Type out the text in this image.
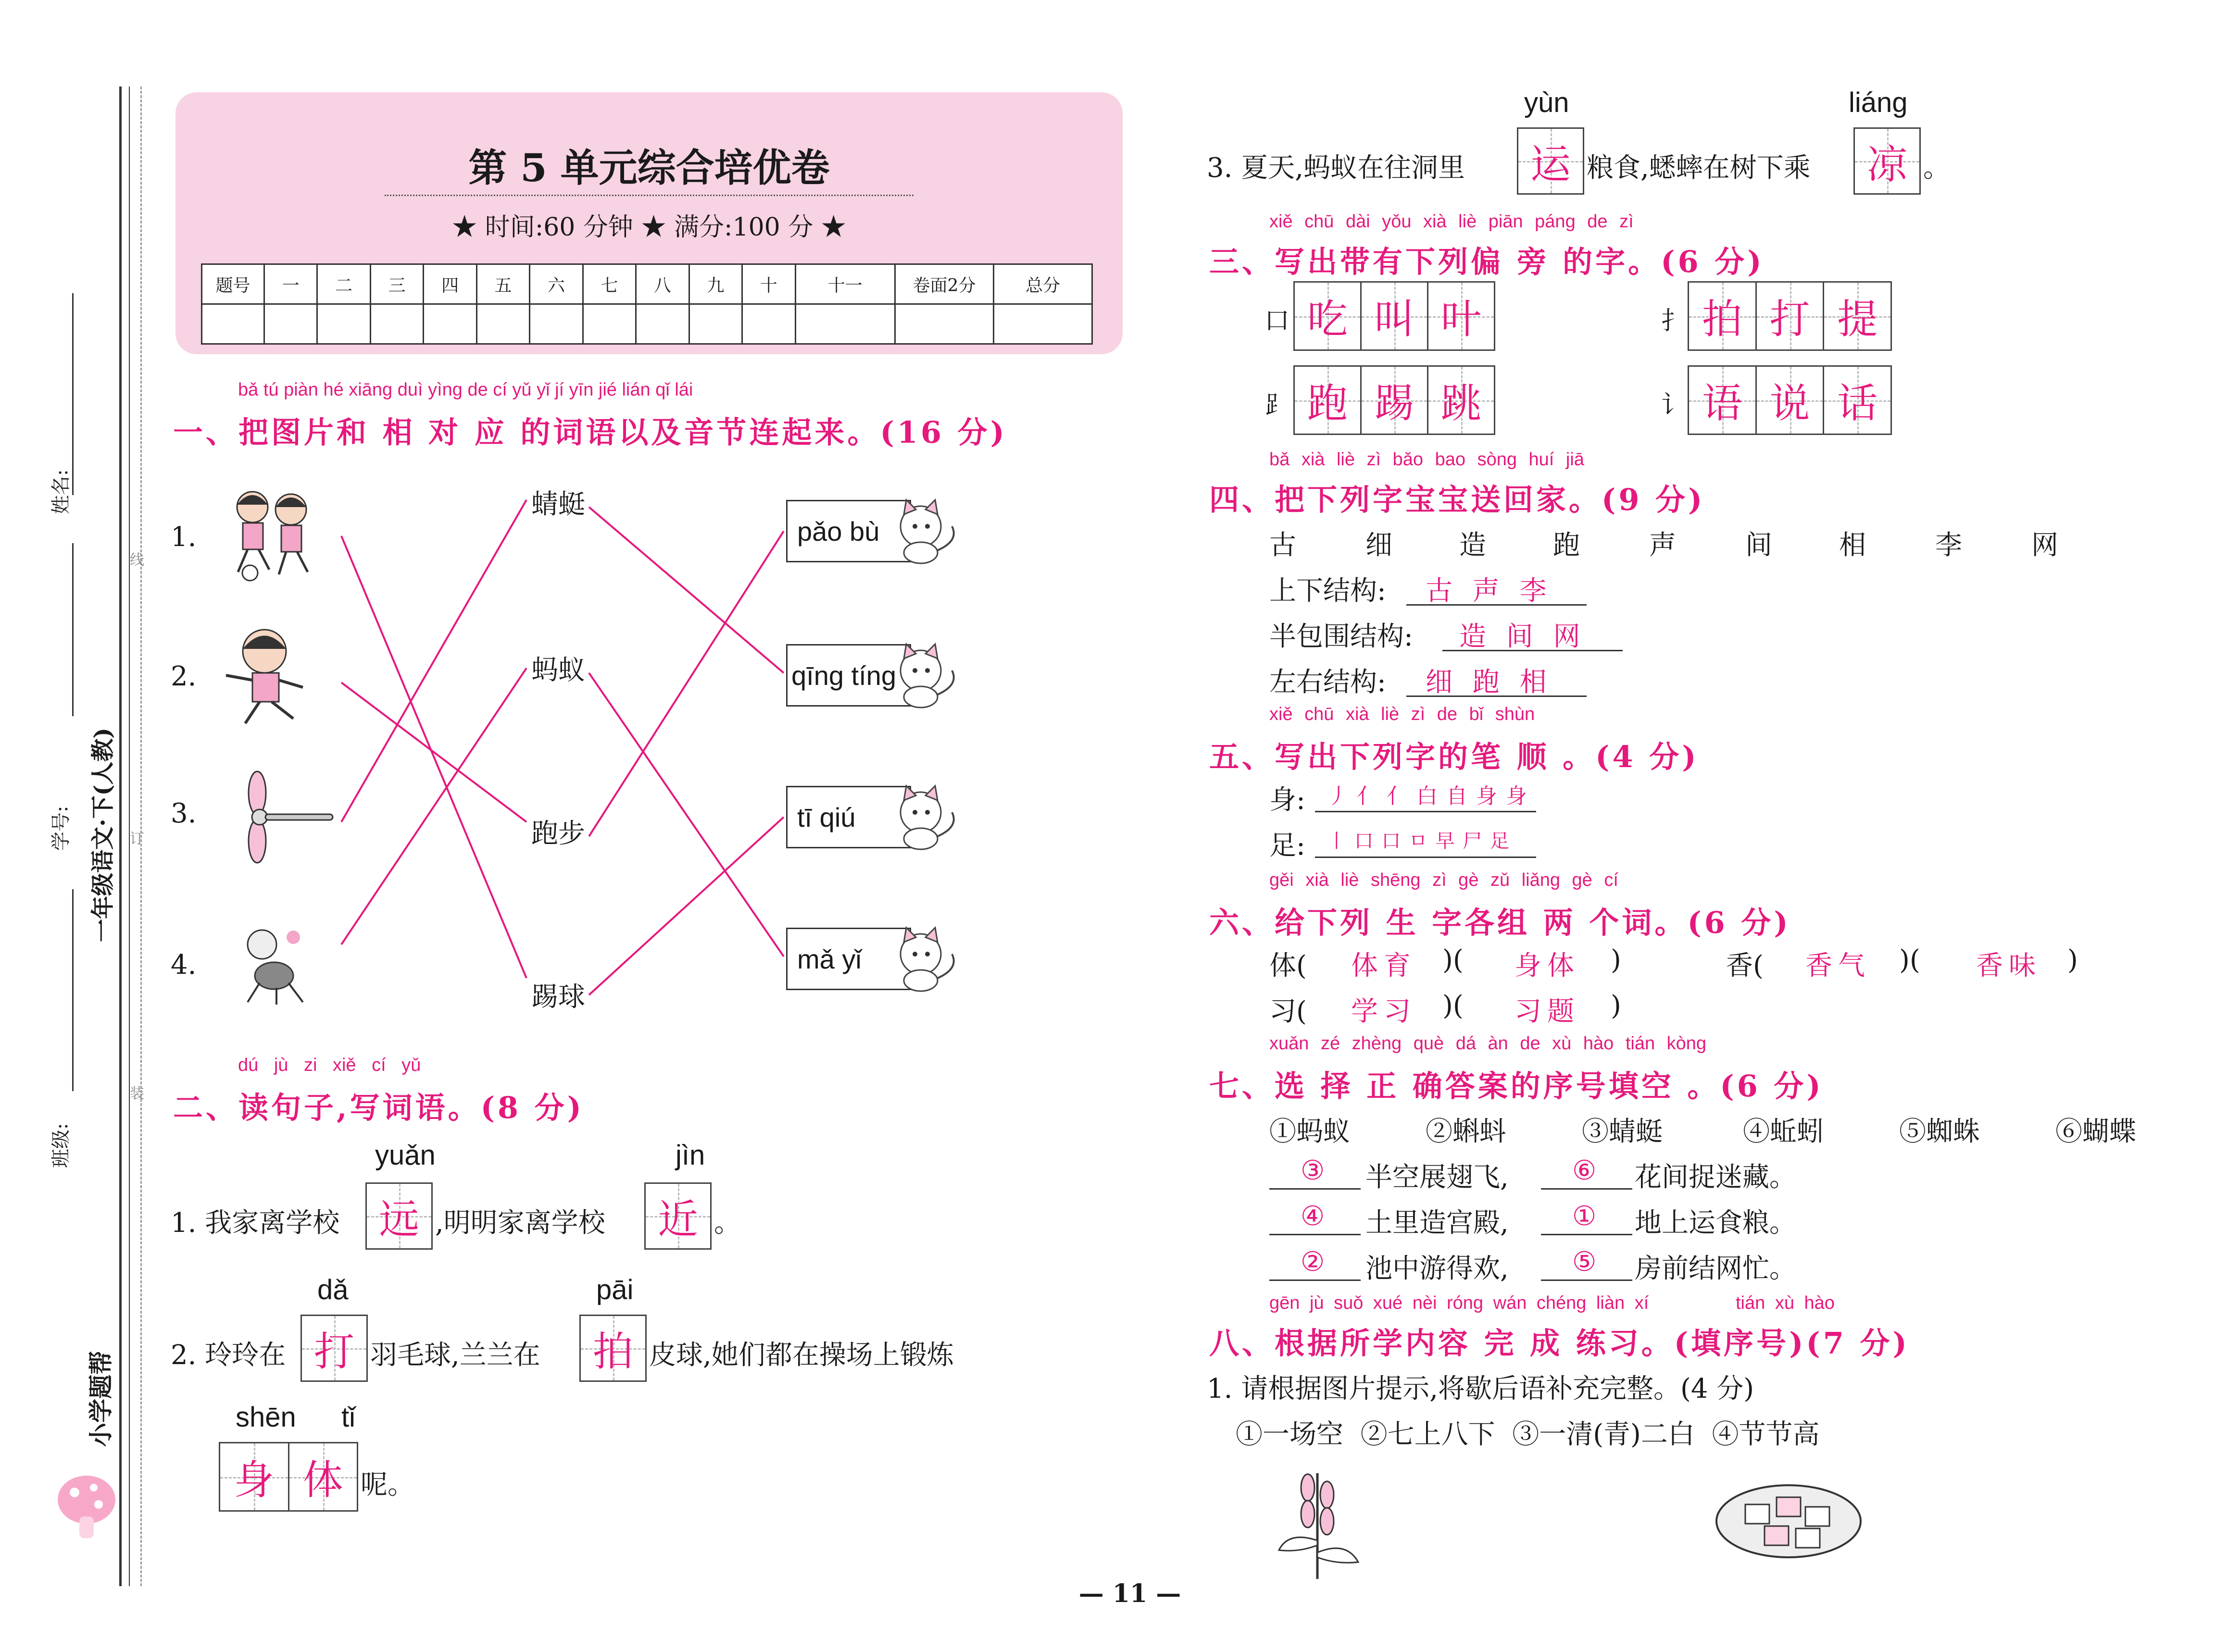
姓名:
学号: 一年级语文·下(人教)
班级:
小学题帮
线
订
装
第 5 单元综合培优卷
★ 时间:60 分钟 ★ 满分:100 分 ★
题号	一	二	三	四	五	六	七	八	九	十	十一	卷面2分	总分

bǎ tú piàn hé xiāng duì yìng de cí yǔ yǐ jí yīn jié lián qǐ lái
一、把图片和 相 对 应 的词语以及音节连起来。(16 分)
1.
2.
3.
4.
蜻蜓
蚂蚁
跑步
踢球
pǎo bù
qīng tíng
tī qiú
mǎ yǐ
dú jù zi xiě cí yǔ
二、读句子,写词语。(8 分)
yuǎn	jìn
1. 我家离学校 远 ,明明家离学校 近 。
dǎ	pāi
2. 玲玲在 打 羽毛球,兰兰在 拍 皮球,她们都在操场上锻炼
shēn tǐ
身 体 呢。
yùn	liáng
3. 夏天,蚂蚁在往洞里 运 粮食,蟋蟀在树下乘 凉 。
xiě chū dài yǒu xià liè piān páng de zì
三、写出带有下列偏 旁 的字。(6 分)
口 吃 叫 叶	扌 拍 打 提
⻊ 跑 踢 跳	讠 语 说 话
bǎ xià liè zì bǎo bao sòng huí jiā
四、把下列字宝宝送回家。(9 分)
古	细 造 跑	声	间 相	李	网
上下结构: 古 声 李
半包围结构: 造 间 网
左右结构: 细 跑 相
xiě chū xià liè zì de bǐ shùn
五、写出下列字的笔 顺 。(4 分)
身: 丿 亻 亻 白 自 身 身
足: 丨 口 口 ㅁ 早 尸 足
gěi xià liè shēng zì gè zǔ liǎng gè cí
六、给下列 生 字各组 两 个词。(6 分)
体( 体育 )( 身体 )	香( 香气 )( 香味 )
习( 学习 )( 习题 )
xuǎn zé zhèng què dá àn de xù hào tián kòng
七、选 择 正 确答案的序号填空 。(6 分)
①蚂蚁	②蝌蚪	③蜻蜓	④蚯蚓	⑤蜘蛛	⑥蝴蝶
③ 半空展翅飞, ⑥ 花间捉迷藏。
④ 土里造宫殿, ① 地上运食粮。
② 池中游得欢, ⑤ 房前结网忙。
gēn jù suǒ xué nèi róng wán chéng liàn xí	tián xù hào
八、根据所学内容 完 成 练习。(填序号)(7 分)
1. 请根据图片提示,将歇后语补充完整。(4 分)
①一场空  ②七上八下  ③一清(青)二白  ④节节高
— 11 —
